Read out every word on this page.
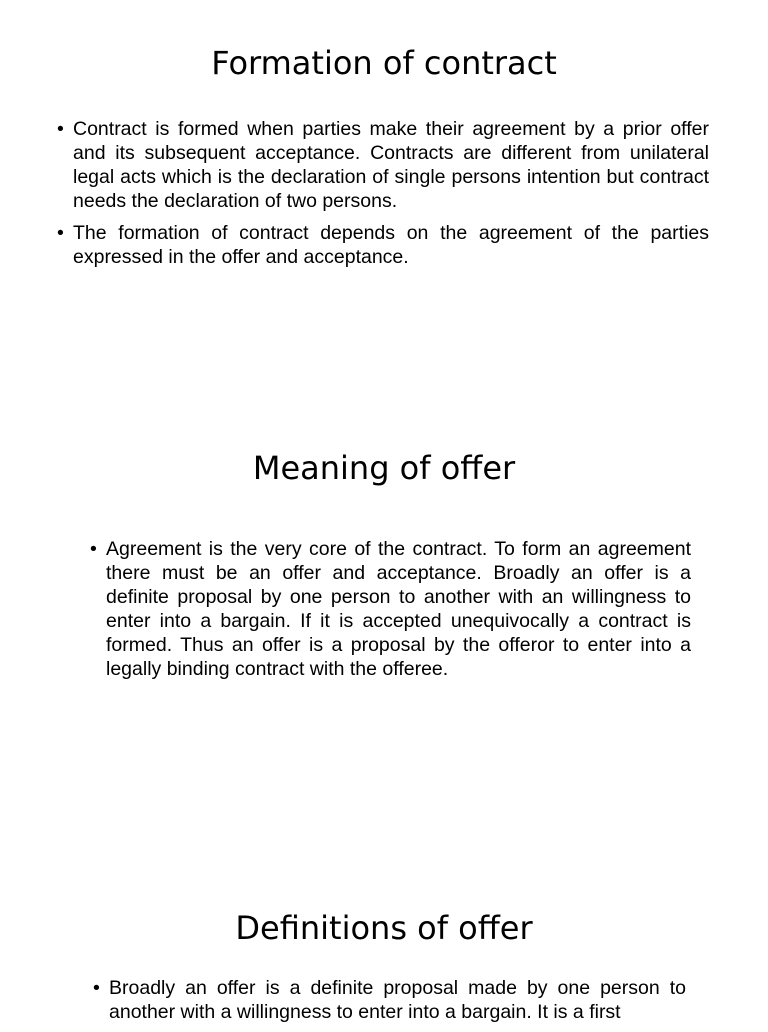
Formation of contract
• Contract is formed when parties make their agreement by a prior offer and its subsequent acceptance. Contracts are different from unilateral legal acts which is the declaration of single persons intention but contract needs the declaration of two persons.
• The formation of contract depends on the agreement of the parties expressed in the offer and acceptance.
Meaning of offer
• Agreement is the very core of the contract. To form an agreement there must be an offer and acceptance. Broadly an offer is a definite proposal by one person to another with an willingness to enter into a bargain. If it is accepted unequivocally a contract is formed. Thus an offer is a proposal by the offeror to enter into a legally binding contract with the offeree.
Definitions of offer
• Broadly an offer is a definite proposal made by one person to another with a willingness to enter into a bargain. It is a first
